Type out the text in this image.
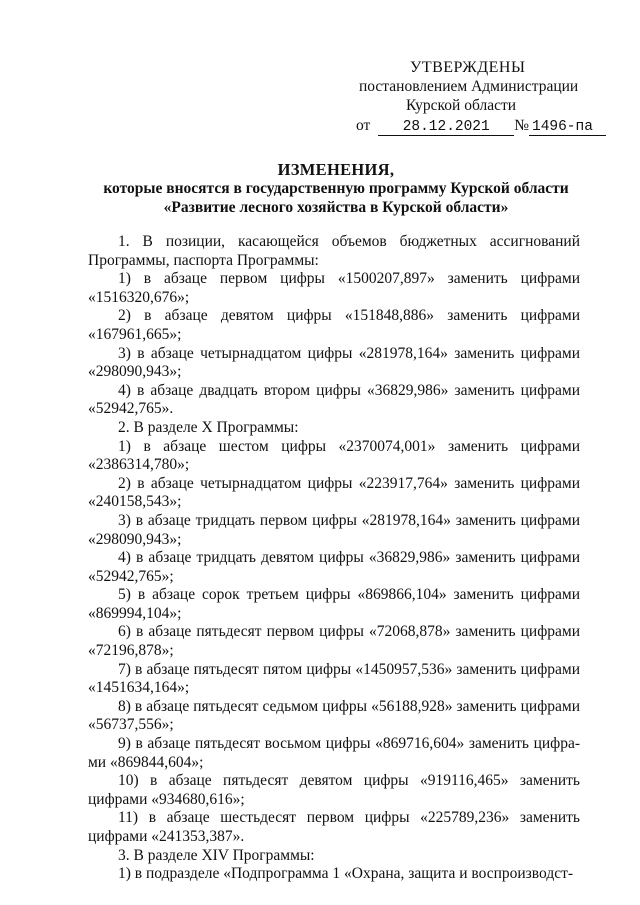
УТВЕРЖДЕНЫ
постановлением Администрации
Курской области
от 28.12.2021 № 1496-па
ИЗМЕНЕНИЯ,
которые вносятся в государственную программу Курской области
«Развитие лесного хозяйства в Курской области»

1. В позиции, касающейся объемов бюджетных ассигнований Программы, паспорта Программы:

1) в абзаце первом цифры «1500207,897» заменить цифрами «1516320,676»;

2) в абзаце девятом цифры «151848,886» заменить цифрами «167961,665»;

3) в абзаце четырнадцатом цифры «281978,164» заменить цифрами «298090,943»;

4) в абзаце двадцать втором цифры «36829,986» заменить цифрами «52942,765».

2. В разделе X Программы:

1) в абзаце шестом цифры «2370074,001» заменить цифрами «2386314,780»;

2) в абзаце четырнадцатом цифры «223917,764» заменить цифрами «240158,543»;

3) в абзаце тридцать первом цифры «281978,164» заменить цифрами «298090,943»;

4) в абзаце тридцать девятом цифры «36829,986» заменить цифрами «52942,765»;

5) в абзаце сорок третьем цифры «869866,104» заменить цифрами «869994,104»;

6) в абзаце пятьдесят первом цифры «72068,878» заменить цифрами «72196,878»;

7) в абзаце пятьдесят пятом цифры «1450957,536» заменить цифрами «1451634,164»;

8) в абзаце пятьдесят седьмом цифры «56188,928» заменить цифрами «56737,556»;

9) в абзаце пятьдесят восьмом цифры «869716,604» заменить цифра-ми «869844,604»;

10) в абзаце пятьдесят девятом цифры «919116,465» заменить цифрами «934680,616»;

11) в абзаце шестьдесят первом цифры «225789,236» заменить цифрами «241353,387».

3. В разделе XIV Программы:

1) в подразделе «Подпрограмма 1 «Охрана, защита и воспроизводст-
